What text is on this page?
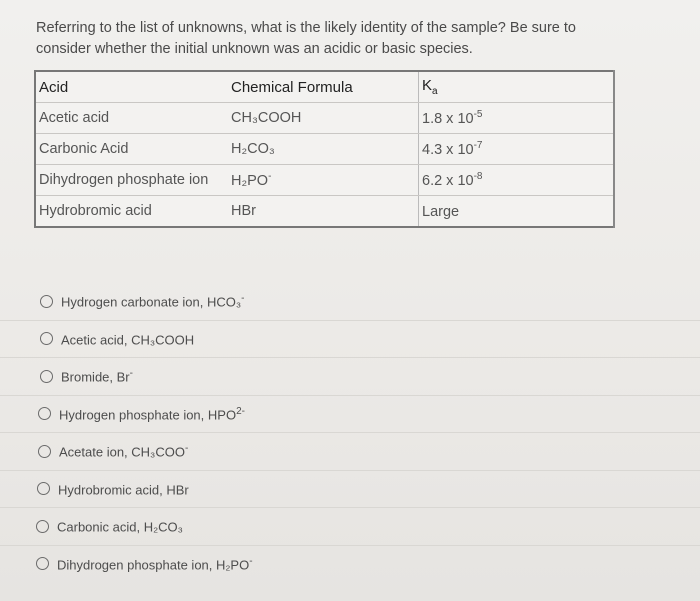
Referring to the list of unknowns, what is the likely identity of the sample? Be sure to consider whether the initial unknown was an acidic or basic species.
Acid	Chemical Formula	$K_a$
Acetic acid	CH₃COOH	1.8 x $10^{-5}$
Carbonic Acid	H₂CO₃	4.3 x $10^{-7}$
Dihydrogen phosphate ion	H₂PO-	6.2 x $10^{-8}$
Hydrobromic acid	HBr	Large
Hydrogen carbonate ion, HCO₃-
Acetic acid, CH₃COOH
Bromide, Br-
Hydrogen phosphate ion, $HPO^{2-}$
Acetate ion, CH₃COO-
Hydrobromic acid, HBr
Carbonic acid, H₂CO₃
Dihydrogen phosphate ion, H₂PO-
